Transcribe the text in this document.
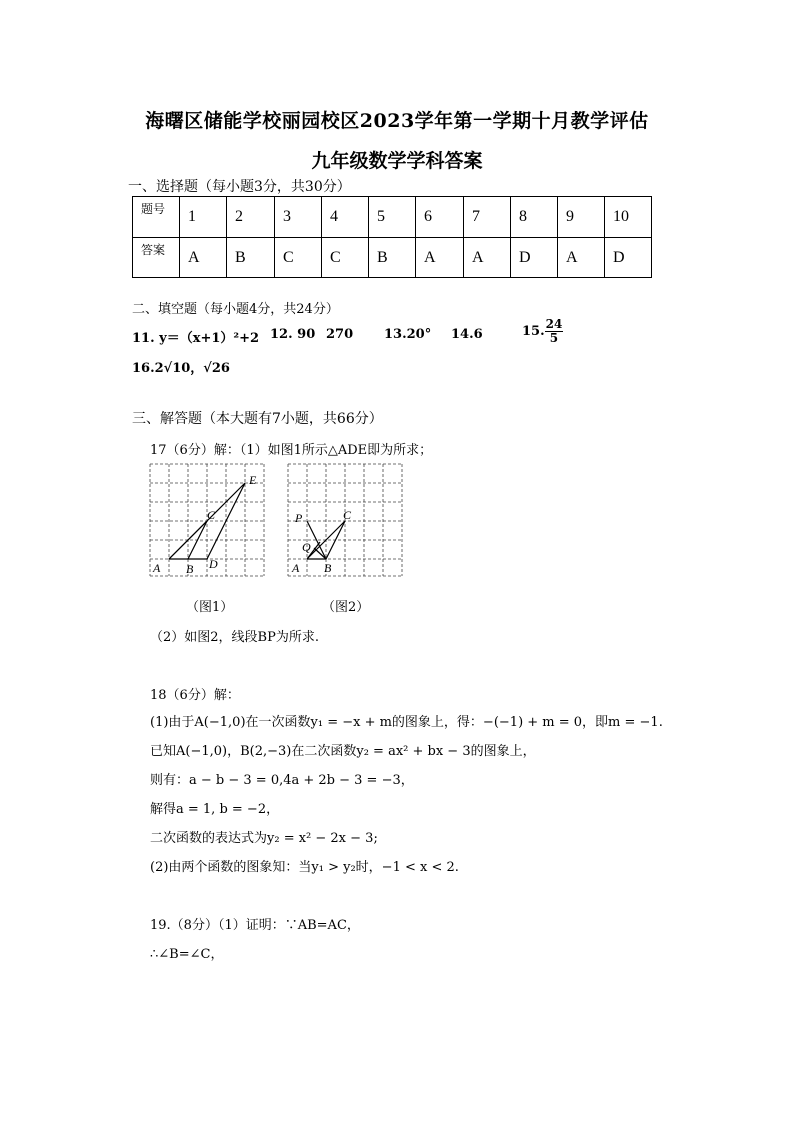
海曙区储能学校丽园校区2023学年第一学期十月教学评估
九年级数学学科答案
一、选择题（每小题3分，共30分）
题号	1	2	3	4	5	6	7	8	9	10
答案	A	B	C	C	B	A	A	D	A	D
二、填空题（每小题4分，共24分）
11. y＝（x+1）²+2 12. 90 270 13.20° 14.6	15. $\frac{24}{5}$
16.2√10，√26
三、解答题（本大题有7小题，共66分）
17（6分）解：（1）如图1所示△ADE即为所求；
E
C
A B D
P	C
Q
A B
（图1）	（图2）
（2）如图2，线段BP为所求.
18（6分）解：
(1)由于A(−1,0)在一次函数y₁ = −x + m的图象上，得：−(−1) + m = 0，即m = −1.
已知A(−1,0)，B(2,−3)在二次函数y₂ = ax² + bx − 3的图象上，
则有：a − b − 3 = 0,4a + 2b − 3 = −3，
解得a = 1, b = −2，
二次函数的表达式为y₂ = x² − 2x − 3;
(2)由两个函数的图象知：当y₁ > y₂时，−1 < x < 2.
19.（8分）（1）证明：∵AB=AC，
∴∠B=∠C，
